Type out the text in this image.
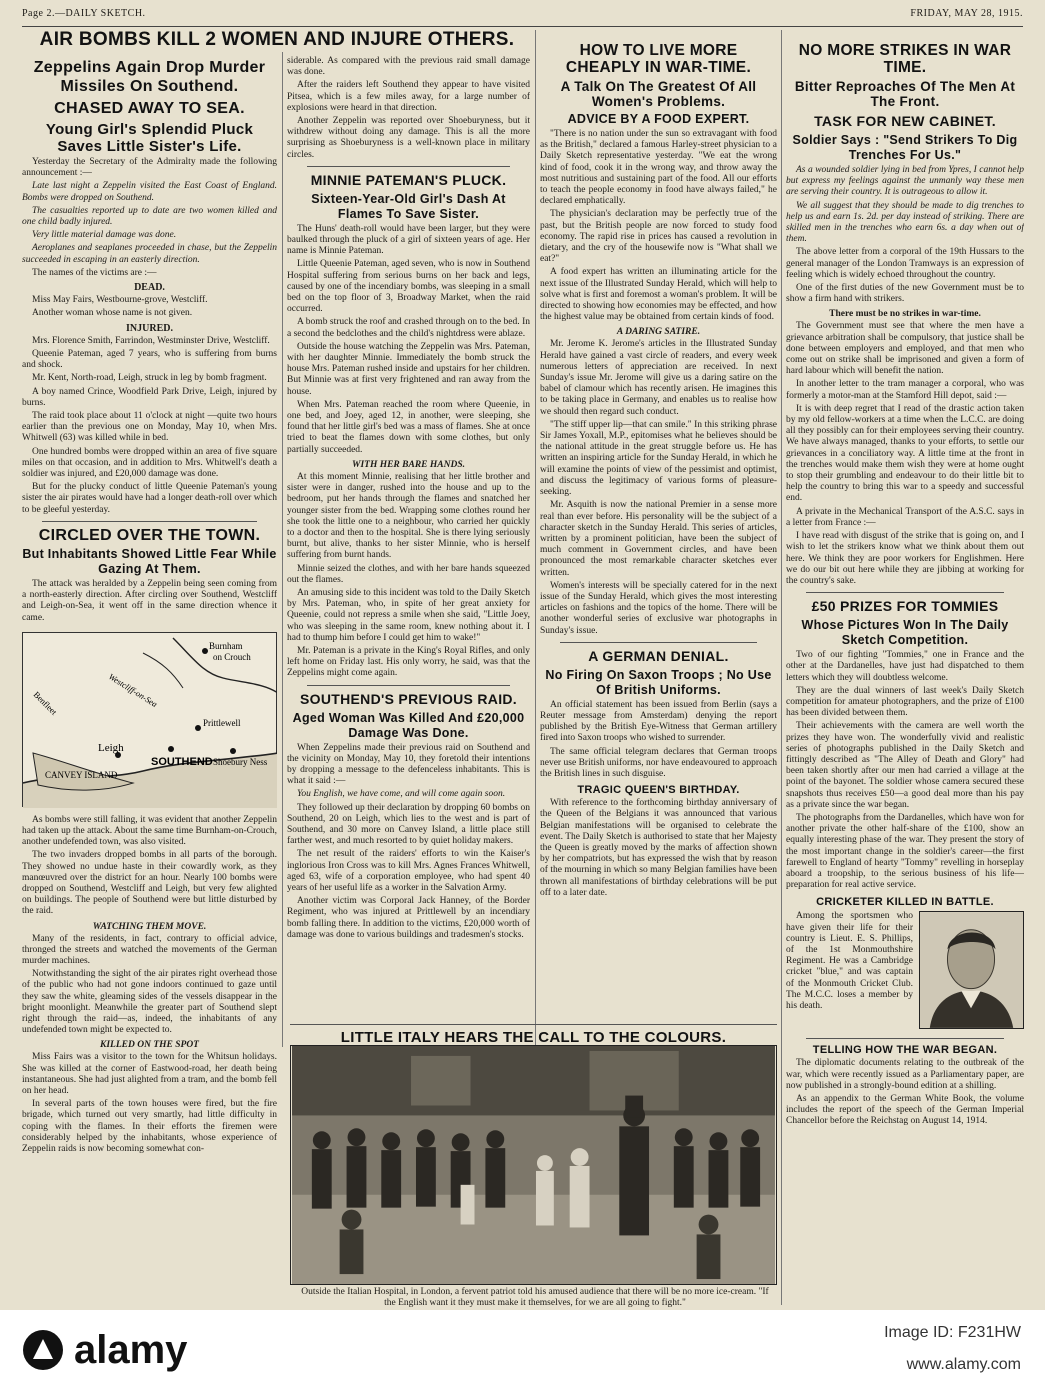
Page 2.—DAILY SKETCH.	FRIDAY, MAY 28, 1915.
AIR BOMBS KILL 2 WOMEN AND INJURE OTHERS.
Zeppelins Again Drop Murder Missiles On Southend.
CHASED AWAY TO SEA.
Young Girl's Splendid Pluck Saves Little Sister's Life.

Yesterday the Secretary of the Admiralty made the following announcement :—

Late last night a Zeppelin visited the East Coast of England. Bombs were dropped on Southend.

The casualties reported up to date are two women killed and one child badly injured.

Very little material damage was done.

Aeroplanes and seaplanes proceeded in chase, but the Zeppelin succeeded in escaping in an easterly direction.

The names of the victims are :—

DEAD.

Miss May Fairs, Westbourne-grove, Westcliff.

Another woman whose name is not given.

INJURED.

Mrs. Florence Smith, Farrindon, Westminster Drive, Westcliff.

Queenie Pateman, aged 7 years, who is suffering from burns and shock.

Mr. Kent, North-road, Leigh, struck in leg by bomb fragment.

A boy named Crince, Woodfield Park Drive, Leigh, injured by burns.

The raid took place about 11 o'clock at night —quite two hours earlier than the previous one on Monday, May 10, when Mrs. Whitwell (63) was killed while in bed.

One hundred bombs were dropped within an area of five square miles on that occasion, and in addition to Mrs. Whitwell's death a soldier was injured, and £20,000 damage was done.

But for the plucky conduct of little Queenie Pateman's young sister the air pirates would have had a longer death-roll over which to be gleeful yesterday.

CIRCLED OVER THE TOWN.
But Inhabitants Showed Little Fear While Gazing At Them.

The attack was heralded by a Zeppelin being seen coming from a north-easterly direction. After circling over Southend, Westcliff and Leigh-on-Sea, it went off in the same direction whence it came.

Burnham
on Crouch
Westcliff-on-Sea
Prittlewell
Benfleet
Leigh
SOUTHEND Shoebury Ness
CANVEY ISLAND

As bombs were still falling, it was evident that another Zeppelin had taken up the attack. About the same time Burnham-on-Crouch, another undefended town, was also visited.

The two invaders dropped bombs in all parts of the borough. They showed no undue haste in their cowardly work, as they manœuvred over the district for an hour. Nearly 100 bombs were dropped on Southend, Westcliff and Leigh, but very few alighted on buildings. The people of Southend were but little disturbed by the raid.

WATCHING THEM MOVE.

Many of the residents, in fact, contrary to official advice, thronged the streets and watched the movements of the German murder machines.

Notwithstanding the sight of the air pirates right overhead those of the public who had not gone indoors continued to gaze until they saw the white, gleaming sides of the vessels disappear in the bright moonlight. Meanwhile the greater part of Southend slept right through the raid—as, indeed, the inhabitants of any undefended town might be expected to.

KILLED ON THE SPOT

Miss Fairs was a visitor to the town for the Whitsun holidays. She was killed at the corner of Eastwood-road, her death being instantaneous. She had just alighted from a tram, and the bomb fell on her head.

In several parts of the town houses were fired, but the fire brigade, which turned out very smartly, had little difficulty in coping with the flames. In their efforts the firemen were considerably helped by the inhabitants, whose experience of Zeppelin raids is now becoming somewhat con-

siderable. As compared with the previous raid small damage was done.

After the raiders left Southend they appear to have visited Pitsea, which is a few miles away, for a large number of explosions were heard in that direction.

Another Zeppelin was reported over Shoeburyness, but it withdrew without doing any damage. This is all the more surprising as Shoeburyness is a well-known place in military circles.

MINNIE PATEMAN'S PLUCK.
Sixteen-Year-Old Girl's Dash At Flames To Save Sister.

The Huns' death-roll would have been larger, but they were baulked through the pluck of a girl of sixteen years of age. Her name is Minnie Pateman.

Little Queenie Pateman, aged seven, who is now in Southend Hospital suffering from serious burns on her back and legs, caused by one of the incendiary bombs, was sleeping in a small bed on the top floor of 3, Broadway Market, when the raid occurred.

A bomb struck the roof and crashed through on to the bed. In a second the bedclothes and the child's nightdress were ablaze.

Outside the house watching the Zeppelin was Mrs. Pateman, with her daughter Minnie. Immediately the bomb struck the house Mrs. Pateman rushed inside and upstairs for her children. But Minnie was at first very frightened and ran away from the house.

When Mrs. Pateman reached the room where Queenie, in one bed, and Joey, aged 12, in another, were sleeping, she found that her little girl's bed was a mass of flames. She at once tried to beat the flames down with some clothes, but only partially succeeded.

WITH HER BARE HANDS.

At this moment Minnie, realising that her little brother and sister were in danger, rushed into the house and up to the bedroom, put her hands through the flames and snatched her younger sister from the bed. Wrapping some clothes round her she took the little one to a neighbour, who carried her quickly to a doctor and then to the hospital. She is there lying seriously burnt, but alive, thanks to her sister Minnie, who is herself suffering from burnt hands.

Minnie seized the clothes, and with her bare hands squeezed out the flames.

An amusing side to this incident was told to the Daily Sketch by Mrs. Pateman, who, in spite of her great anxiety for Queenie, could not repress a smile when she said, "Little Joey, who was sleeping in the same room, knew nothing about it. I had to thump him before I could get him to wake!"

Mr. Pateman is a private in the King's Royal Rifles, and only left home on Friday last. His only worry, he said, was that the Zeppelins might come again.

SOUTHEND'S PREVIOUS RAID.
Aged Woman Was Killed And £20,000 Damage Was Done.

When Zeppelins made their previous raid on Southend and the vicinity on Monday, May 10, they foretold their intentions by dropping a message to the defenceless inhabitants. This is what it said :—

You English, we have come, and will come again soon.

They followed up their declaration by dropping 60 bombs on Southend, 20 on Leigh, which lies to the west and is part of Southend, and 30 more on Canvey Island, a little place still farther west, and much resorted to by quiet holiday makers.

The net result of the raiders' efforts to win the Kaiser's inglorious Iron Cross was to kill Mrs. Agnes Frances Whitwell, aged 63, wife of a corporation employee, who had spent 40 years of her useful life as a worker in the Salvation Army.

Another victim was Corporal Jack Hanney, of the Border Regiment, who was injured at Prittlewell by an incendiary bomb falling there. In addition to the victims, £20,000 worth of damage was done to various buildings and tradesmen's stocks.

HOW TO LIVE MORE CHEAPLY IN WAR-TIME.
A Talk On The Greatest Of All Women's Problems.
ADVICE BY A FOOD EXPERT.

"There is no nation under the sun so extravagant with food as the British," declared a famous Harley-street physician to a Daily Sketch representative yesterday. "We eat the wrong kind of food, cook it in the wrong way, and throw away the most nutritious and sustaining part of the food. All our efforts to teach the people economy in food have always failed," he declared emphatically.

The physician's declaration may be perfectly true of the past, but the British people are now forced to study food economy. The rapid rise in prices has caused a revolution in dietary, and the cry of the housewife now is "What shall we eat?"

A food expert has written an illuminating article for the next issue of the Illustrated Sunday Herald, which will help to solve what is first and foremost a woman's problem. It will be directed to showing how economies may be effected, and how the highest value may be obtained from certain kinds of food.

A DARING SATIRE.

Mr. Jerome K. Jerome's articles in the Illustrated Sunday Herald have gained a vast circle of readers, and every week numerous letters of appreciation are received. In next Sunday's issue Mr. Jerome will give us a daring satire on the babel of clamour which has recently arisen. He imagines this to be taking place in Germany, and enables us to realise how we should then regard such conduct.

"The stiff upper lip—that can smile." In this striking phrase Sir James Yoxall, M.P., epitomises what he believes should be the national attitude in the great struggle before us. He has written an inspiring article for the Sunday Herald, in which he will examine the points of view of the pessimist and optimist, and discuss the legitimacy of various forms of pleasure-seeking.

Mr. Asquith is now the national Premier in a sense more real than ever before. His personality will be the subject of a character sketch in the Sunday Herald. This series of articles, written by a prominent politician, have been the subject of much comment in Government circles, and have been pronounced the most remarkable character sketches ever written.

Women's interests will be specially catered for in the next issue of the Sunday Herald, which gives the most interesting articles on fashions and the topics of the home. There will be another wonderful series of exclusive war photographs in Sunday's issue.

A GERMAN DENIAL.
No Firing On Saxon Troops ; No Use Of British Uniforms.

An official statement has been issued from Berlin (says a Reuter message from Amsterdam) denying the report published by the British Eye-Witness that German artillery fired into Saxon troops who wished to surrender.

The same official telegram declares that German troops never use British uniforms, nor have endeavoured to approach the British lines in such disguise.

TRAGIC QUEEN'S BIRTHDAY.

With reference to the forthcoming birthday anniversary of the Queen of the Belgians it was announced that various Belgian manifestations will be organised to celebrate the event. The Daily Sketch is authorised to state that her Majesty the Queen is greatly moved by the marks of affection shown by her compatriots, but has expressed the wish that by reason of the mourning in which so many Belgian families have been thrown all manifestations of birthday celebrations will be put off to a later date.

NO MORE STRIKES IN WAR TIME.
Bitter Reproaches Of The Men At The Front.
TASK FOR NEW CABINET.
Soldier Says : "Send Strikers To Dig Trenches For Us."

As a wounded soldier lying in bed from Ypres, I cannot help but express my feelings against the unmanly way these men are serving their country. It is outrageous to allow it.

We all suggest that they should be made to dig trenches to help us and earn 1s. 2d. per day instead of striking. There are skilled men in the trenches who earn 6s. a day when out of them.

The above letter from a corporal of the 19th Hussars to the general manager of the London Tramways is an expression of feeling which is widely echoed throughout the country.

One of the first duties of the new Government must be to show a firm hand with strikers.

There must be no strikes in war-time.

The Government must see that where the men have a grievance arbitration shall be compulsory, that justice shall be done between employers and employed, and that men who come out on strike shall be imprisoned and given a form of hard labour which will benefit the nation.

In another letter to the tram manager a corporal, who was formerly a motor-man at the Stamford Hill depot, said :—

It is with deep regret that I read of the drastic action taken by my old fellow-workers at a time when the L.C.C. are doing all they possibly can for their employees serving their country. We have always managed, thanks to your efforts, to settle our grievances in a conciliatory way. A little time at the front in the trenches would make them wish they were at home ought to stop their grumbling and endeavour to do their little bit to help the country to bring this war to a speedy and successful end.

A private in the Mechanical Transport of the A.S.C. says in a letter from France :—

I have read with disgust of the strike that is going on, and I wish to let the strikers know what we think about them out here. We think they are poor workers for Englishmen. Here we do our bit out here while they are jibbing at working for the country's sake.

£50 PRIZES FOR TOMMIES
Whose Pictures Won In The Daily Sketch Competition.

Two of our fighting "Tommies," one in France and the other at the Dardanelles, have just had dispatched to them letters which they will doubtless welcome.

They are the dual winners of last week's Daily Sketch competition for amateur photographers, and the prize of £100 has been divided between them.

Their achievements with the camera are well worth the prizes they have won. The wonderfully vivid and realistic series of photographs published in the Daily Sketch and fittingly described as "The Alley of Death and Glory" had been taken shortly after our men had carried a village at the point of the bayonet. The soldier whose camera secured these snapshots thus receives £50—a good deal more than his pay as a private since the war began.

The photographs from the Dardanelles, which have won for another private the other half-share of the £100, show an equally interesting phase of the war. They present the story of the most important change in the soldier's career—the first farewell to England of hearty "Tommy" revelling in horseplay aboard a troopship, to the serious business of his life—preparation for real active service.

CRICKETER KILLED IN BATTLE.

Among the sportsmen who have given their life for their country is Lieut. E. S. Phillips, of the 1st Monmouthshire Regiment. He was a Cambridge cricket "blue," and was captain of the Monmouth Cricket Club. The M.C.C. loses a member by his death.

TELLING HOW THE WAR BEGAN.

The diplomatic documents relating to the outbreak of the war, which were recently issued as a Parliamentary paper, are now published in a strongly-bound edition at a shilling.

As an appendix to the German White Book, the volume includes the report of the speech of the German Imperial Chancellor before the Reichstag on August 14, 1914.

LITTLE ITALY HEARS THE CALL TO THE COLOURS.
Outside the Italian Hospital, in London, a fervent patriot told his amused audience that there will be no more ice-cream. "If the English want it they must make it themselves, for we are all going to fight."
alamy	Image ID: F231HW
www.alamy.com
